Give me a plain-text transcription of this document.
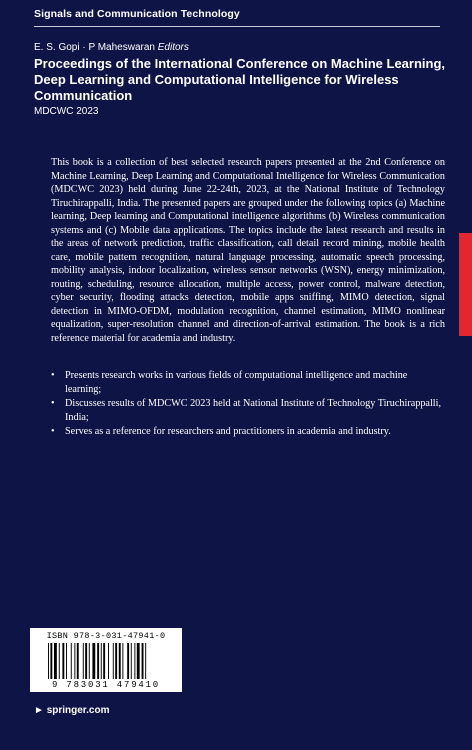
Signals and Communication Technology
E. S. Gopi · P Maheswaran Editors
Proceedings of the International Conference on Machine Learning, Deep Learning and Computational Intelligence for Wireless Communication
MDCWC 2023
This book is a collection of best selected research papers presented at the 2nd Conference on Machine Learning, Deep Learning and Computational Intelligence for Wireless Communication (MDCWC 2023) held during June 22-24th, 2023, at the National Institute of Technology Tiruchirappalli, India. The presented papers are grouped under the following topics (a) Machine learning, Deep learning and Computational intelligence algorithms (b) Wireless communication systems and (c) Mobile data applications. The topics include the latest research and results in the areas of network prediction, traffic classification, call detail record mining, mobile health care, mobile pattern recognition, natural language processing, automatic speech processing, mobility analysis, indoor localization, wireless sensor networks (WSN), energy minimization, routing, scheduling, resource allocation, multiple access, power control, malware detection, cyber security, flooding attacks detection, mobile apps sniffing, MIMO detection, signal detection in MIMO-OFDM, modulation recognition, channel estimation, MIMO nonlinear equalization, super-resolution channel and direction-of-arrival estimation. The book is a rich reference material for academia and industry.
• Presents research works in various fields of computational intelligence and machine learning;
• Discusses results of MDCWC 2023 held at National Institute of Technology Tiruchirappalli, India;
• Serves as a reference for researchers and practitioners in academia and industry.
ISBN 978-3-031-47941-0
9 783031 479410
► springer.com
